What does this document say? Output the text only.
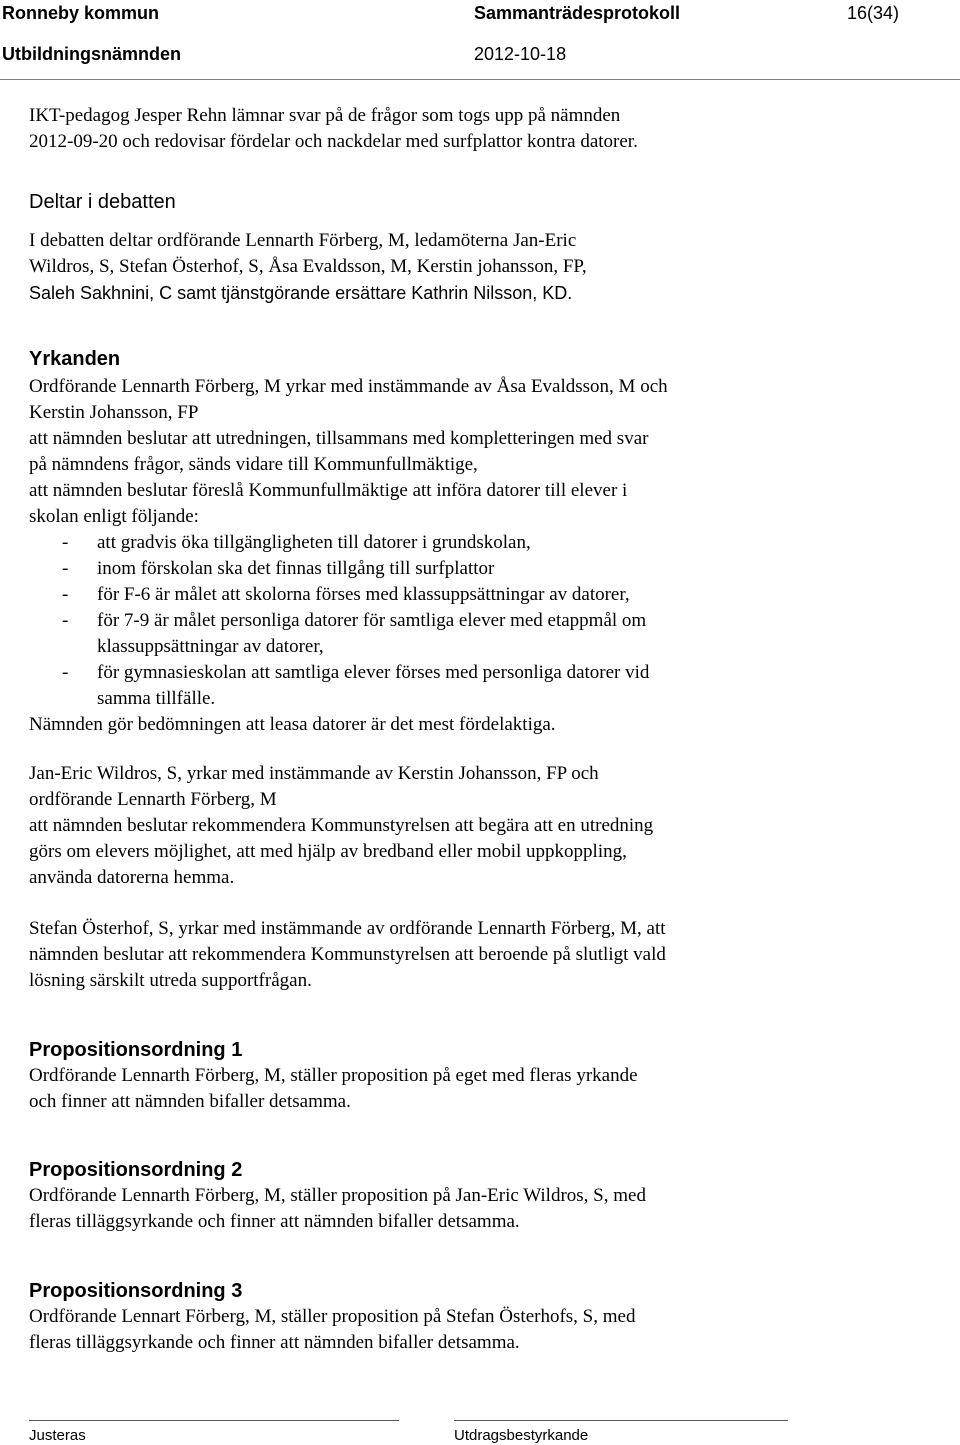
Ronneby kommun	Sammanträdesprotokoll	16(34)
Utbildningsnämnden	2012-10-18
IKT-pedagog Jesper Rehn lämnar svar på de frågor som togs upp på nämnden
2012-09-20 och redovisar fördelar och nackdelar med surfplattor kontra datorer.
Deltar i debatten
I debatten deltar ordförande Lennarth Förberg, M, ledamöterna Jan-Eric
Wildros, S, Stefan Österhof, S, Åsa Evaldsson, M, Kerstin johansson, FP,
Saleh Sakhnini, C samt tjänstgörande ersättare Kathrin Nilsson, KD.
Yrkanden
Ordförande Lennarth Förberg, M yrkar med instämmande av Åsa Evaldsson, M och
Kerstin Johansson, FP
att nämnden beslutar att utredningen, tillsammans med kompletteringen med svar
på nämndens frågor, sänds vidare till Kommunfullmäktige,
att nämnden beslutar föreslå Kommunfullmäktige att införa datorer till elever i
skolan enligt följande:
- att gradvis öka tillgängligheten till datorer i grundskolan,
- inom förskolan ska det finnas tillgång till surfplattor
- för F-6 är målet att skolorna förses med klassuppsättningar av datorer,
- för 7-9 är målet personliga datorer för samtliga elever med etappmål om
klassuppsättningar av datorer,
- för gymnasieskolan att samtliga elever förses med personliga datorer vid
samma tillfälle.
Nämnden gör bedömningen att leasa datorer är det mest fördelaktiga.
Jan-Eric Wildros, S, yrkar med instämmande av Kerstin Johansson, FP och
ordförande Lennarth Förberg, M
att nämnden beslutar rekommendera Kommunstyrelsen att begära att en utredning
görs om elevers möjlighet, att med hjälp av bredband eller mobil uppkoppling,
använda datorerna hemma.
Stefan Österhof, S, yrkar med instämmande av ordförande Lennarth Förberg, M, att
nämnden beslutar att rekommendera Kommunstyrelsen att beroende på slutligt vald
lösning särskilt utreda supportfrågan.
Propositionsordning 1
Ordförande Lennarth Förberg, M, ställer proposition på eget med fleras yrkande
och finner att nämnden bifaller detsamma.
Propositionsordning 2
Ordförande Lennarth Förberg, M, ställer proposition på Jan-Eric Wildros, S, med
fleras tilläggsyrkande och finner att nämnden bifaller detsamma.
Propositionsordning 3
Ordförande Lennart Förberg, M, ställer proposition på Stefan Österhofs, S, med
fleras tilläggsyrkande och finner att nämnden bifaller detsamma.
Justeras	Utdragsbestyrkande
